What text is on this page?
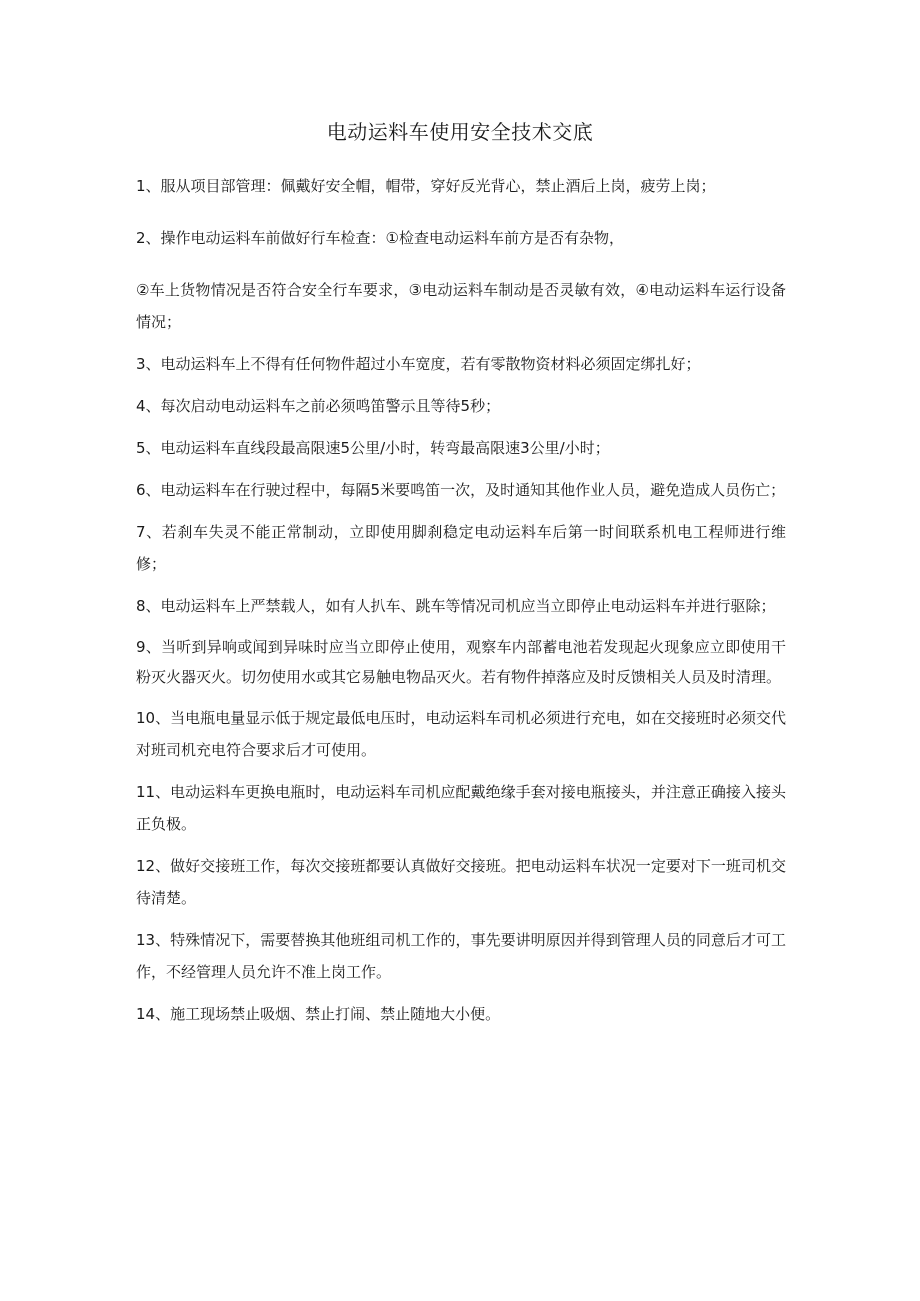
电动运料车使用安全技术交底
1、服从项目部管理：佩戴好安全帽，帽带，穿好反光背心，禁止酒后上岗，疲劳上岗；
2、操作电动运料车前做好行车检查：①检查电动运料车前方是否有杂物，
②车上货物情况是否符合安全行车要求，③电动运料车制动是否灵敏有效，④电动运料车运行设备情况；
3、电动运料车上不得有任何物件超过小车宽度，若有零散物资材料必须固定绑扎好；
4、每次启动电动运料车之前必须鸣笛警示且等待5秒；
5、电动运料车直线段最高限速5公里/小时，转弯最高限速3公里/小时；
6、电动运料车在行驶过程中，每隔5米要鸣笛一次，及时通知其他作业人员，避免造成人员伤亡；
7、若刹车失灵不能正常制动，立即使用脚刹稳定电动运料车后第一时间联系机电工程师进行维修；
8、电动运料车上严禁载人，如有人扒车、跳车等情况司机应当立即停止电动运料车并进行驱除；
9、当听到异响或闻到异味时应当立即停止使用，观察车内部蓄电池若发现起火现象应立即使用干粉灭火器灭火。切勿使用水或其它易触电物品灭火。若有物件掉落应及时反馈相关人员及时清理。
10、当电瓶电量显示低于规定最低电压时，电动运料车司机必须进行充电，如在交接班时必须交代对班司机充电符合要求后才可使用。
11、电动运料车更换电瓶时，电动运料车司机应配戴绝缘手套对接电瓶接头，并注意正确接入接头正负极。
12、做好交接班工作，每次交接班都要认真做好交接班。把电动运料车状况一定要对下一班司机交待清楚。
13、特殊情况下，需要替换其他班组司机工作的，事先要讲明原因并得到管理人员的同意后才可工作，不经管理人员允许不准上岗工作。
14、施工现场禁止吸烟、禁止打闹、禁止随地大小便。
